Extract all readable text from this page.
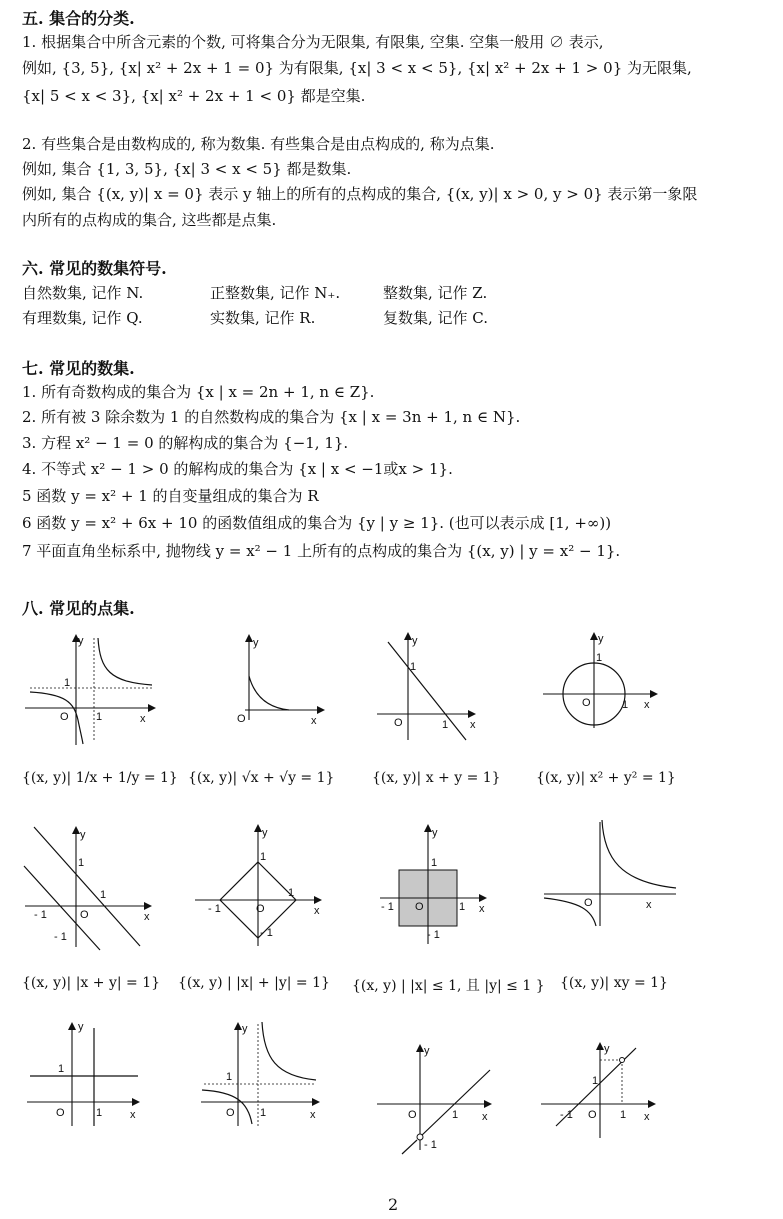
五. 集合的分类.
1. 根据集合中所含元素的个数, 可将集合分为无限集, 有限集, 空集. 空集一般用 ∅ 表示,
例如, {3, 5}, {x| x² + 2x + 1 = 0} 为有限集, {x| 3 < x < 5}, {x| x² + 2x + 1 > 0} 为无限集,
{x| 5 < x < 3}, {x| x² + 2x + 1 < 0} 都是空集.
2. 有些集合是由数构成的, 称为数集. 有些集合是由点构成的, 称为点集.
例如, 集合 {1, 3, 5}, {x| 3 < x < 5} 都是数集.
例如, 集合 {(x, y)| x = 0} 表示 y 轴上的所有的点构成的集合, {(x, y)| x > 0, y > 0} 表示第一象限
内所有的点构成的集合, 这些都是点集.
六. 常见的数集符号.
自然数集, 记作 N.	正整数集, 记作 N₊.	整数集, 记作 Z.
有理数集, 记作 Q.	实数集, 记作 R.	复数集, 记作 C.
七. 常见的数集.
1. 所有奇数构成的集合为 {x | x = 2n + 1, n ∈ Z}.
2. 所有被 3 除余数为 1 的自然数构成的集合为 {x | x = 3n + 1, n ∈ N}.
3. 方程 x² − 1 = 0 的解构成的集合为 {−1, 1}.
4. 不等式 x² − 1 > 0 的解构成的集合为 {x | x < −1或x > 1}.
5 函数 y = x² + 1 的自变量组成的集合为 R
6 函数 y = x² + 6x + 10 的函数值组成的集合为 {y | y ≥ 1}. (也可以表示成 [1, +∞))
7 平面直角坐标系中, 抛物线 y = x² − 1 上所有的点构成的集合为 {(x, y) | y = x² − 1}.
八. 常见的点集.
y
O 1
1
x
{(x, y)| 1/x + 1/y = 1}
y
O	x
{(x, y)| √x + √y = 1}
y
1
O	1 x
{(x, y)| x + y = 1}
y
1
O	1 x
{(x, y)| x² + y² = 1}
y
1
1
- 1	O
- 1
x
{(x, y)| |x + y| = 1}
y
1
1
- 1	O
- 1
x
{(x, y) | |x| + |y| = 1}
y
1
1
- 1 O
- 1
x
{(x, y) | |x| ≤ 1, 且 |y| ≤ 1 }
O	x
{(x, y)| xy = 1}
y
1
O	1	x
y
1
O 1	x
y
O	1
- 1
x
y
1
- 1 O 1 x
2
